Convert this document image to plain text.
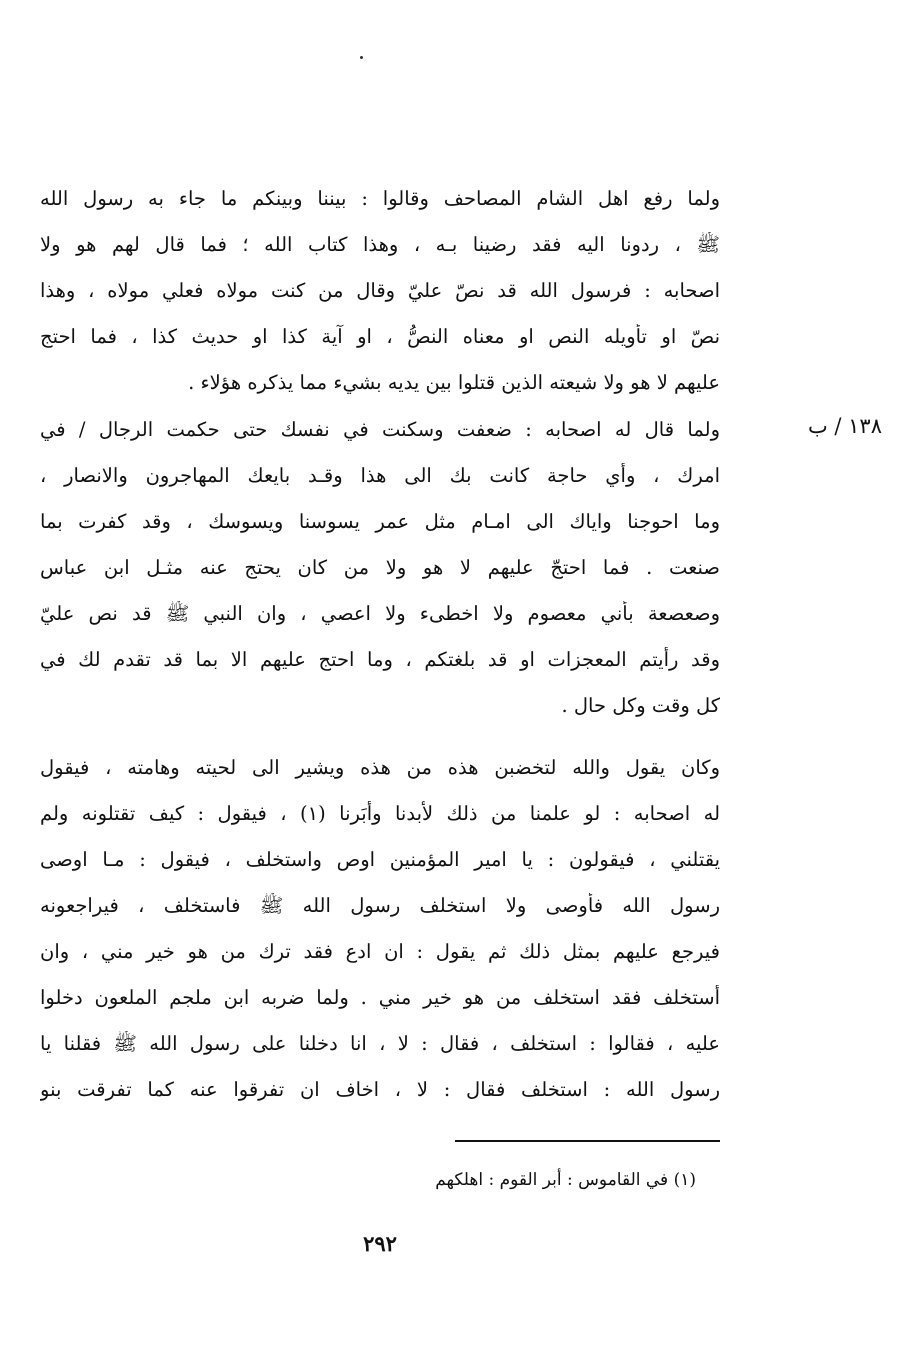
١٣٨ / ب
ولما رفع اهل الشام المصاحف وقالوا : بيننا وبينكم ما جاء به رسول الله
ﷺ ، ردونا اليه فقد رضينا بـه ، وهذا كتاب الله ؛ فما قال لهم هو ولا
اصحابه : فرسول الله قد نصّ عليّ وقال من كنت مولاه فعلي مولاه ، وهذا
نصّ او تأويله النص او معناه النصُّ ، او آية كذا او حديث كذا ، فما احتج
عليهم لا هو ولا شيعته الذين قتلوا بين يديه بشيء مما يذكره هؤلاء .
ولما قال له اصحابه : ضعفت وسكنت في نفسك حتى حكمت الرجال / في
امرك ، وأي حاجة كانت بك الى هذا وقـد بايعك المهاجرون والانصار ،
وما احوجنا واياك الى امـام مثل عمر يسوسنا ويسوسك ، وقد كفرت بما
صنعت . فما احتجّ عليهم لا هو ولا من كان يحتج عنه مثـل ابن عباس
وصعصعة بأني معصوم ولا اخطىء ولا اعصي ، وان النبي ﷺ قد نص عليّ
وقد رأيتم المعجزات او قد بلغتكم ، وما احتج عليهم الا بما قد تقدم لك في
كل وقت وكل حال .
وكان يقول والله لتخضبن هذه من هذه ويشير الى لحيته وهامته ، فيقول
له اصحابه : لو علمنا من ذلك لأبدنا وأبَرنا (١) ، فيقول : كيف تقتلونه ولم
يقتلني ، فيقولون : يا امير المؤمنين اوص واستخلف ، فيقول : مـا اوصى
رسول الله فأوصى ولا استخلف رسول الله ﷺ فاستخلف ، فيراجعونه
فيرجع عليهم بمثل ذلك ثم يقول : ان ادع فقد ترك من هو خير مني ، وان
أستخلف فقد استخلف من هو خير مني . ولما ضربه ابن ملجم الملعون دخلوا
عليه ، فقالوا : استخلف ، فقال : لا ، انا دخلنا على رسول الله ﷺ فقلنا يا
رسول الله : استخلف فقال : لا ، اخاف ان تفرقوا عنه كما تفرقت بنو
(١) في القاموس : أبر القوم : اهلكهم
٢٩٢
